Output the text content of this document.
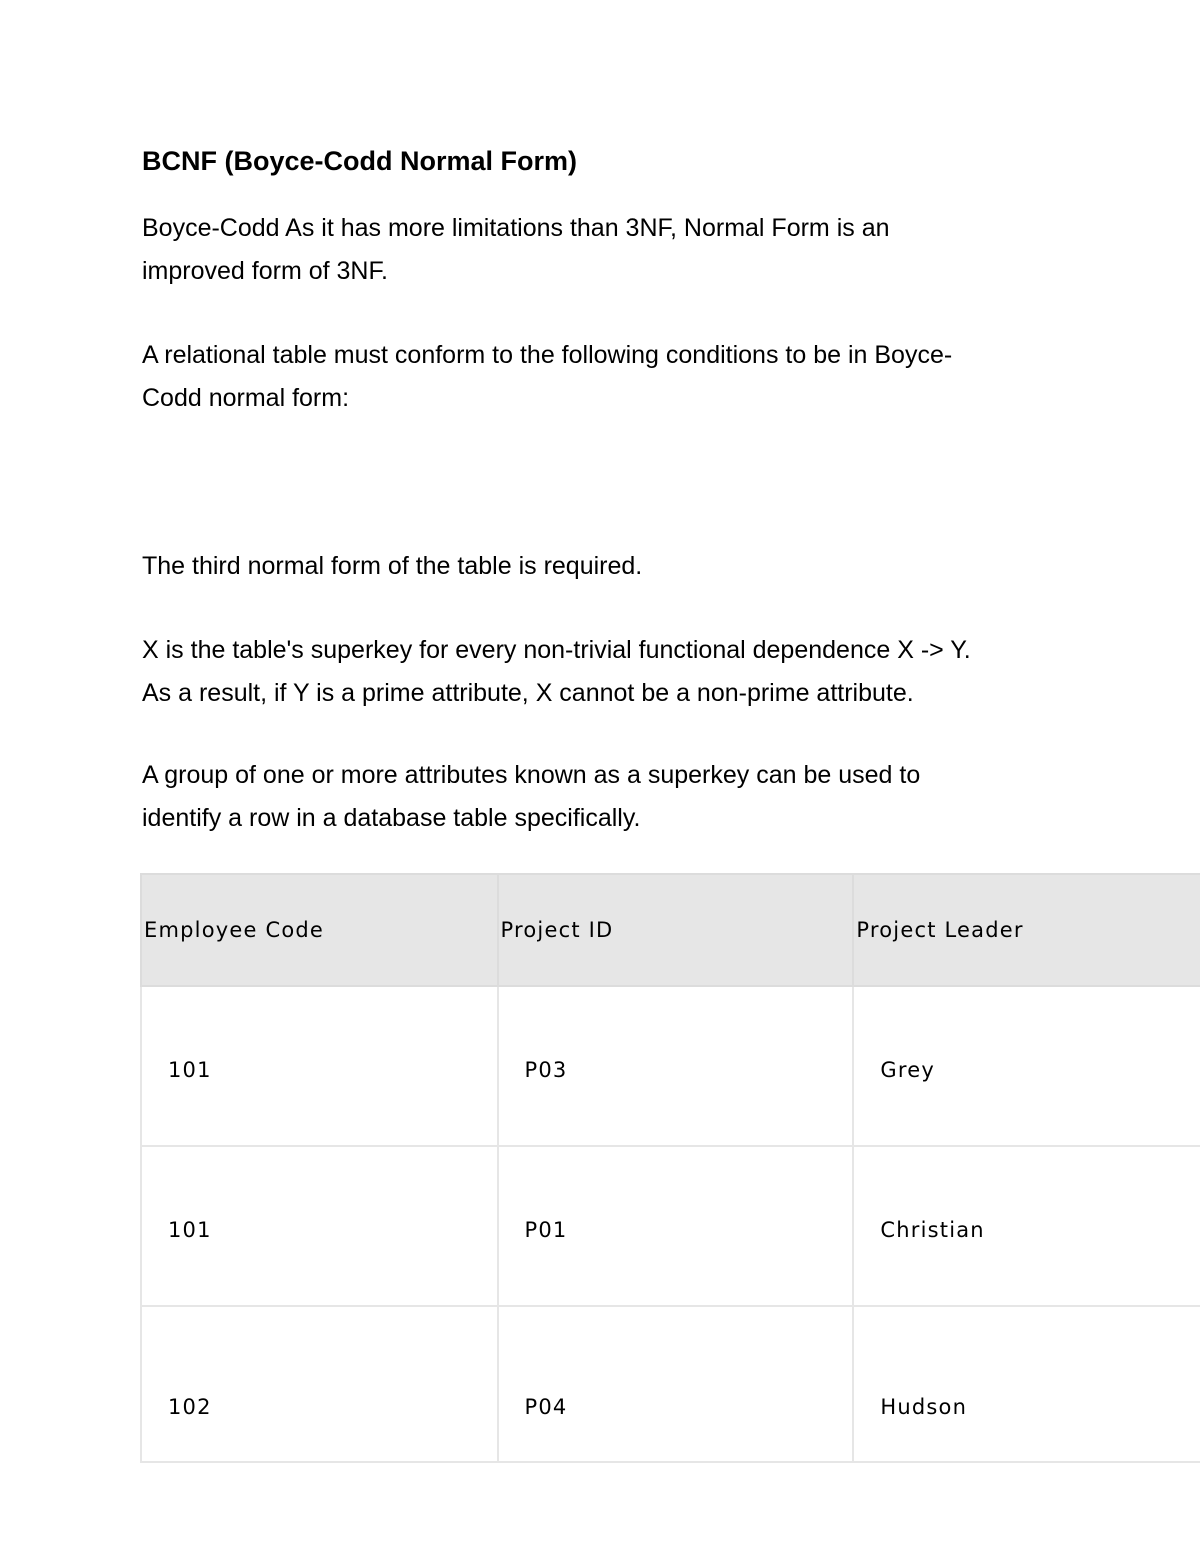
BCNF (Boyce-Codd Normal Form)

Boyce-Codd As it has more limitations than 3NF, Normal Form is an
improved form of 3NF.

A relational table must conform to the following conditions to be in Boyce-
Codd normal form:

The third normal form of the table is required.

X is the table's superkey for every non-trivial functional dependence X -> Y.
As a result, if Y is a prime attribute, X cannot be a non-prime attribute.

A group of one or more attributes known as a superkey can be used to
identify a row in a database table specifically.

Employee Code	Project ID	Project Leader
101	P03	Grey
101	P01	Christian
102	P04	Hudson
